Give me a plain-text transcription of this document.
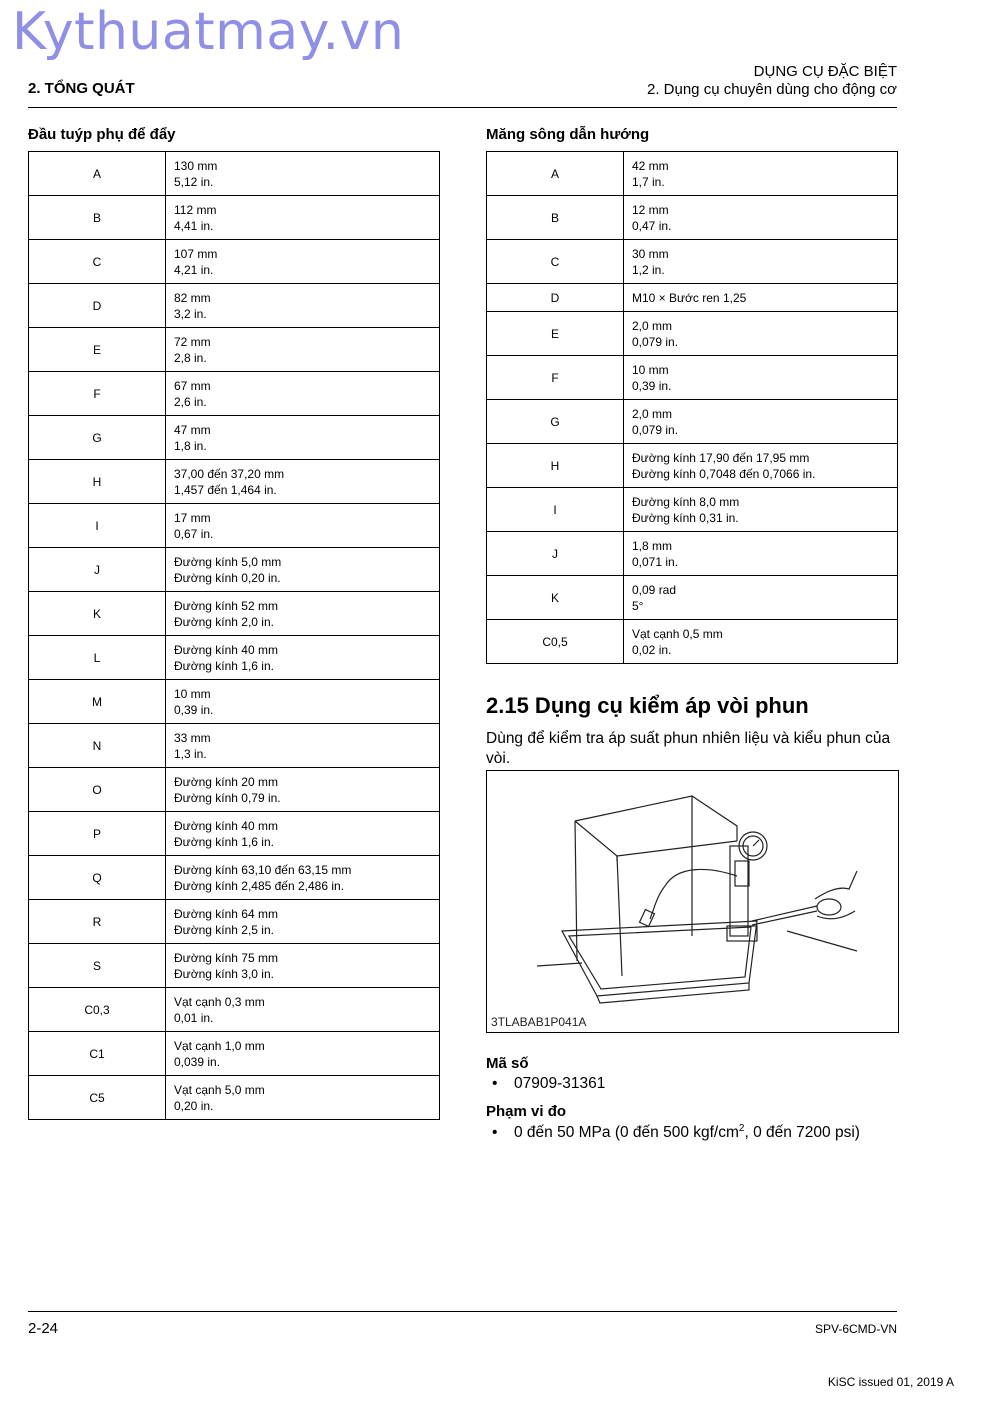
Kythuatmay.vn
2. TỔNG QUÁT
DỤNG CỤ ĐẶC BIỆT
2. Dụng cụ chuyên dùng cho động cơ
Đầu tuýp phụ để đẩy
A	130 mm
5,12 in.

B	112 mm
4,41 in.

C	107 mm
4,21 in.

D	82 mm
3,2 in.

E	72 mm
2,8 in.

F	67 mm
2,6 in.

G	47 mm
1,8 in.

H	37,00 đến 37,20 mm
1,457 đến 1,464 in.

I	17 mm
0,67 in.

J	Đường kính 5,0 mm
Đường kính 0,20 in.

K	Đường kính 52 mm
Đường kính 2,0 in.

L	Đường kính 40 mm
Đường kính 1,6 in.

M	10 mm
0,39 in.

N	33 mm
1,3 in.

O	Đường kính 20 mm
Đường kính 0,79 in.

P	Đường kính 40 mm
Đường kính 1,6 in.

Q	Đường kính 63,10 đến 63,15 mm
Đường kính 2,485 đến 2,486 in.

R	Đường kính 64 mm
Đường kính 2,5 in.

S	Đường kính 75 mm
Đường kính 3,0 in.

C0,3	Vạt cạnh 0,3 mm
0,01 in.

C1	Vạt cạnh 1,0 mm
0,039 in.

C5	Vạt cạnh 5,0 mm
0,20 in.
Măng sông dẫn hướng
A	42 mm
1,7 in.

B	12 mm
0,47 in.

C	30 mm
1,2 in.

D	M10 × Bước ren 1,25

E	2,0 mm
0,079 in.

F	10 mm
0,39 in.

G	2,0 mm
0,079 in.

H	Đường kính 17,90 đến 17,95 mm
Đường kính 0,7048 đến 0,7066 in.

I	Đường kính 8,0 mm
Đường kính 0,31 in.

J	1,8 mm
0,071 in.

K	0,09 rad
5°

C0,5	Vạt cạnh 0,5 mm
0,02 in.
2.15 Dụng cụ kiểm áp vòi phun
Dùng để kiểm tra áp suất phun nhiên liệu và kiểu phun của vòi.
3TLABAB1P041A
Mã số
• 07909-31361
Phạm vi đo
• 0 đến 50 MPa (0 đến 500 kgf/$cm^2$, 0 đến 7200 psi)
2-24	SPV-6CMD-VN
KiSC issued 01, 2019 A
